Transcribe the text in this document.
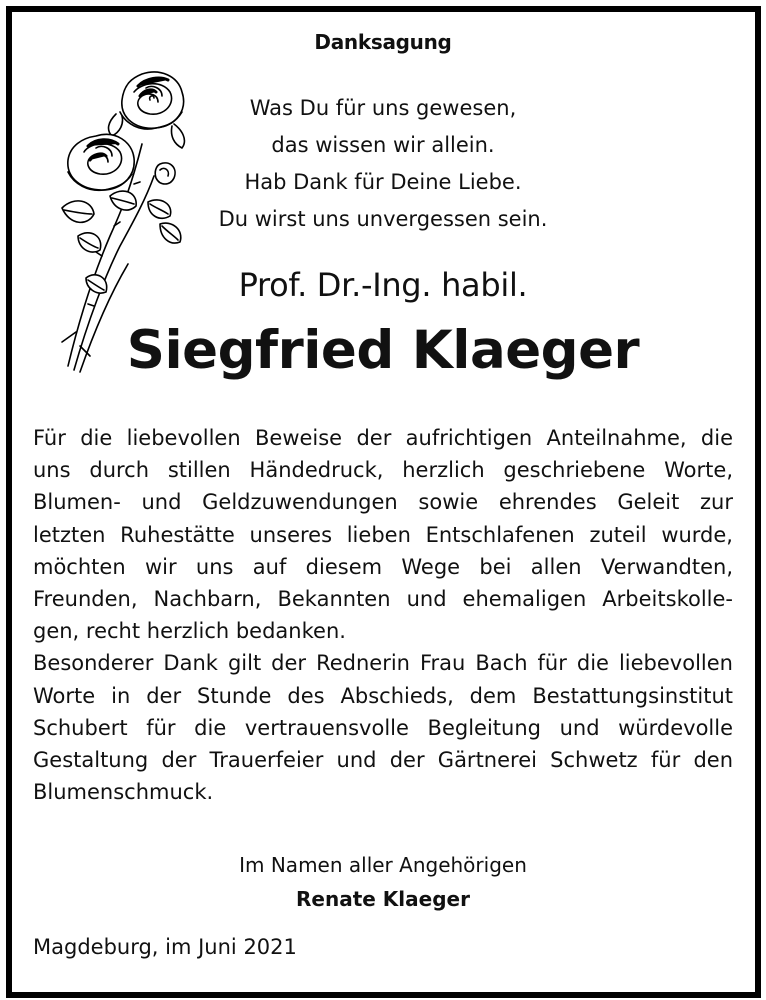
Danksagung
Was Du für uns gewesen,
das wissen wir allein.
Hab Dank für Deine Liebe.
Du wirst uns unvergessen sein.
Prof. Dr.-Ing. habil.
Siegfried Klaeger
Für die liebevollen Beweise der aufrichtigen Anteilnahme, die
uns durch stillen Händedruck, herzlich geschriebene Worte,
Blumen- und Geldzuwendungen sowie ehrendes Geleit zur
letzten Ruhestätte unseres lieben Entschlafenen zuteil wurde,
möchten wir uns auf diesem Wege bei allen Verwandten,
Freunden, Nachbarn, Bekannten und ehemaligen Arbeitskolle-
gen, recht herzlich bedanken.
Besonderer Dank gilt der Rednerin Frau Bach für die liebevollen
Worte in der Stunde des Abschieds, dem Bestattungsinstitut
Schubert für die vertrauensvolle Begleitung und würdevolle
Gestaltung der Trauerfeier und der Gärtnerei Schwetz für den
Blumenschmuck.
Im Namen aller Angehörigen
Renate Klaeger
Magdeburg, im Juni 2021
